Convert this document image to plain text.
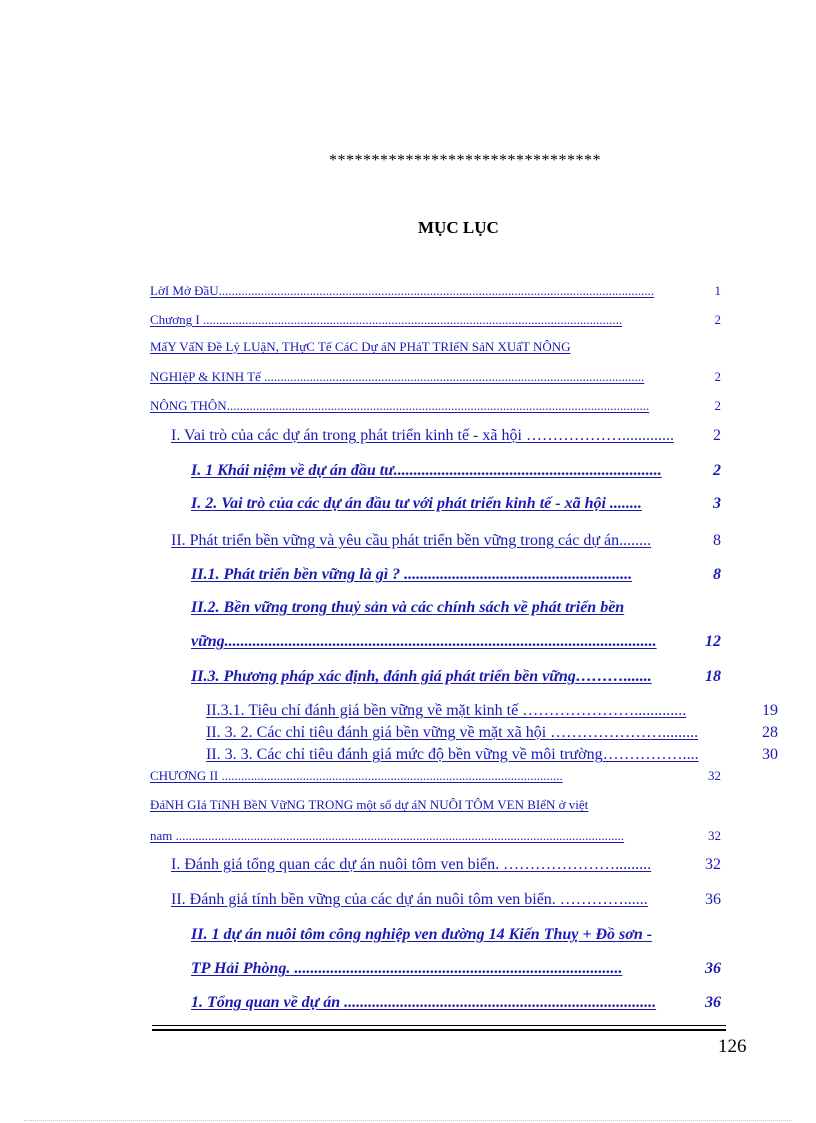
********************************
MỤC LỤC
LờI Mở ĐầU......................................................................................................................................	1
Chương I .................................................................................................................................	2
MấY VấN Đề Lý LUậN, THựC Tế CáC Dự áN PHáT TRIểN SảN XUấT NÔNG
NGHIệP & KINH Tế .....................................................................................................................	2
NÔNG THÔN..................................................................................................................................	2
I. Vai trò của các dự án trong phát triển kinh tế - xã hội ………………............. 2
I. 1 Khái niệm về dự án đầu tư...................................................................	2
I. 2. Vai trò của các dự án đầu tư với phát triển kinh tế - xã hội ........	3
II. Phát triển bền vững và yêu cầu phát triển bền vững trong các dự án........	8
II.1. Phát triển bền vững là gì ? .........................................................	8
II.2. Bền vững trong thuỷ sản và các chính sách về phát triển bền
vững............................................................................................................	12
II.3. Phương pháp xác định, đánh giá phát triển bền vững……….......	18
II.3.1. Tiêu chí đánh giá bền vững về mặt kinh tế ………………….............	19
II. 3. 2. Các chỉ tiêu đánh giá bền vững về mặt xã hội ………………….........	28
II. 3. 3. Các chỉ tiêu đánh giá mức độ bền vững về môi trường……………....	30
CHƯƠNG II .........................................................................................................	32
ĐáNH GIá TíNH BềN VữNG TRONG một số dự áN NUÔI TÔM VEN BIểN ở việt
nam ..........................................................................................................................................	32
I. Đánh giá tổng quan các dự án nuôi tôm ven biển. ………………….........	32
II. Đánh giá tính bền vững của các dự án nuôi tôm ven biển. …………......	36
II. 1 dự án nuôi tôm công nghiệp ven đường 14 Kiến Thuỵ + Đồ sơn -
TP Hải Phòng. ..................................................................................	36
1. Tổng quan về dự án ..............................................................................	36
126
